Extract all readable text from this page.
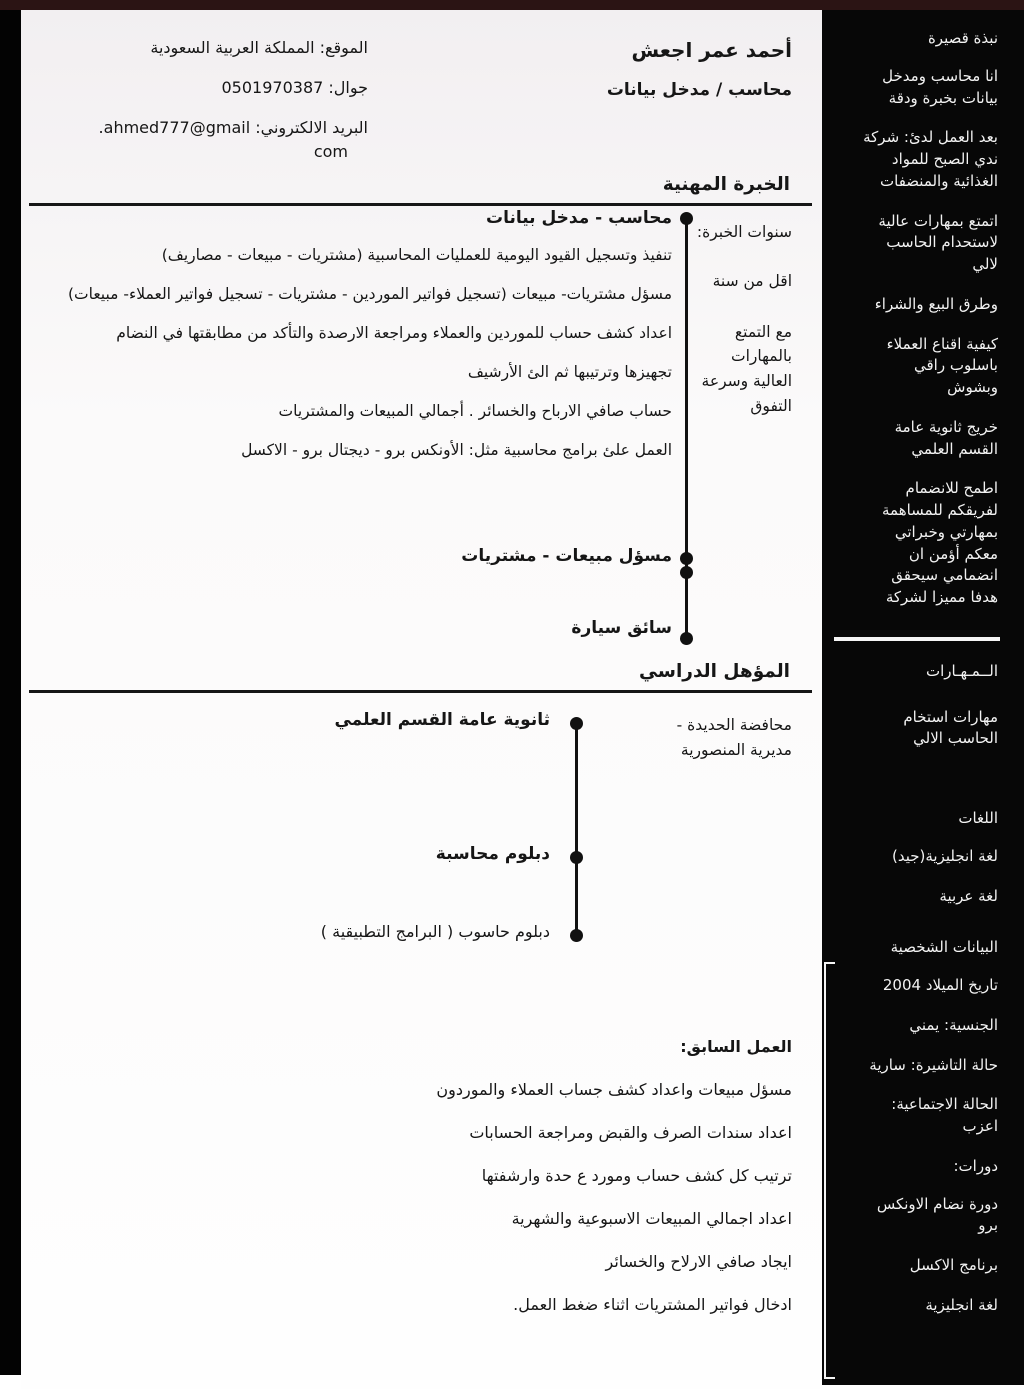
أحمد عمر اجعش
محاسب / مدخل بيانات
الموقع: المملكة العربية السعودية
جوال: 0501970387
البريد الالكتروني: ahmed777@gmail.
com
الخبرة المهنية

سنوات الخبرة:

اقل من سنة

مع التمتع بالمهارات العالية وسرعة التفوق

محاسب - مدخل بيانات

تنفيذ وتسجيل القيود اليومية للعمليات المحاسبية (مشتريات - مبيعات - مصاريف)

مسؤل مشتريات- مبيعات (تسجيل فواتير الموردين - مشتريات - تسجيل فواتير العملاء- مبيعات)

اعداد كشف حساب للموردين والعملاء ومراجعة الارصدة والتأكد من مطابقتها في النضام

تجهيزها وترتيبها ثم الئ الأرشيف

حساب صافي الارباح والخسائر . أجمالي المبيعات والمشتريات

العمل علئ برامج محاسبية مثل: الأونكس برو - ديجتال برو - الاكسل

مسؤل مبيعات - مشتريات

سائق سيارة

المؤهل الدراسي
محافضة الحديدة - مديرية المنصورية

ثانوية عامة القسم العلمي

دبلوم محاسبة

دبلوم حاسوب ( البرامج التطبيقية )

العمل السابق:

مسؤل مبيعات واعداد كشف جساب العملاء والموردون

اعداد سندات الصرف والقبض ومراجعة الحسابات

ترتيب كل كشف حساب ومورد ع حدة وارشفتها

اعداد اجمالي المبيعات الاسبوعية والشهرية

ايجاد صافي الارلاح والخسائر

ادخال فواتير المشتريات اثناء ضغط العمل.

نبذة قصيرة

انا محاسب ومدخل بيانات بخبرة ودقة

بعد العمل لدئ: شركة ندي الصبح للمواد الغذائية والمنضفات

اتمتع بمهارات عالية لاستحدام الحاسب لالي

وطرق البيع والشراء

كيفية اقناع العملاء باسلوب راقي وبشوش

خريج ثانوية عامة القسم العلمي

اطمح للانضمام لفريقكم للمساهمة بمهارتي وخبراتي معكم أؤمن ان انضمامي سيحقق هدفا مميزا لشركة

الــمـهـارات

مهارات استخام الحاسب الالي

اللغات

لغة انجليزية(جيد)

لغة عربية

البيانات الشخصية

تاريخ الميلاد 2004

الجنسية: يمني

حالة التاشيرة: سارية

الحالة الاجتماعية: اعزب

دورات:

دورة نضام الاونكس برو

برنامج الاكسل

لغة انجليزية
